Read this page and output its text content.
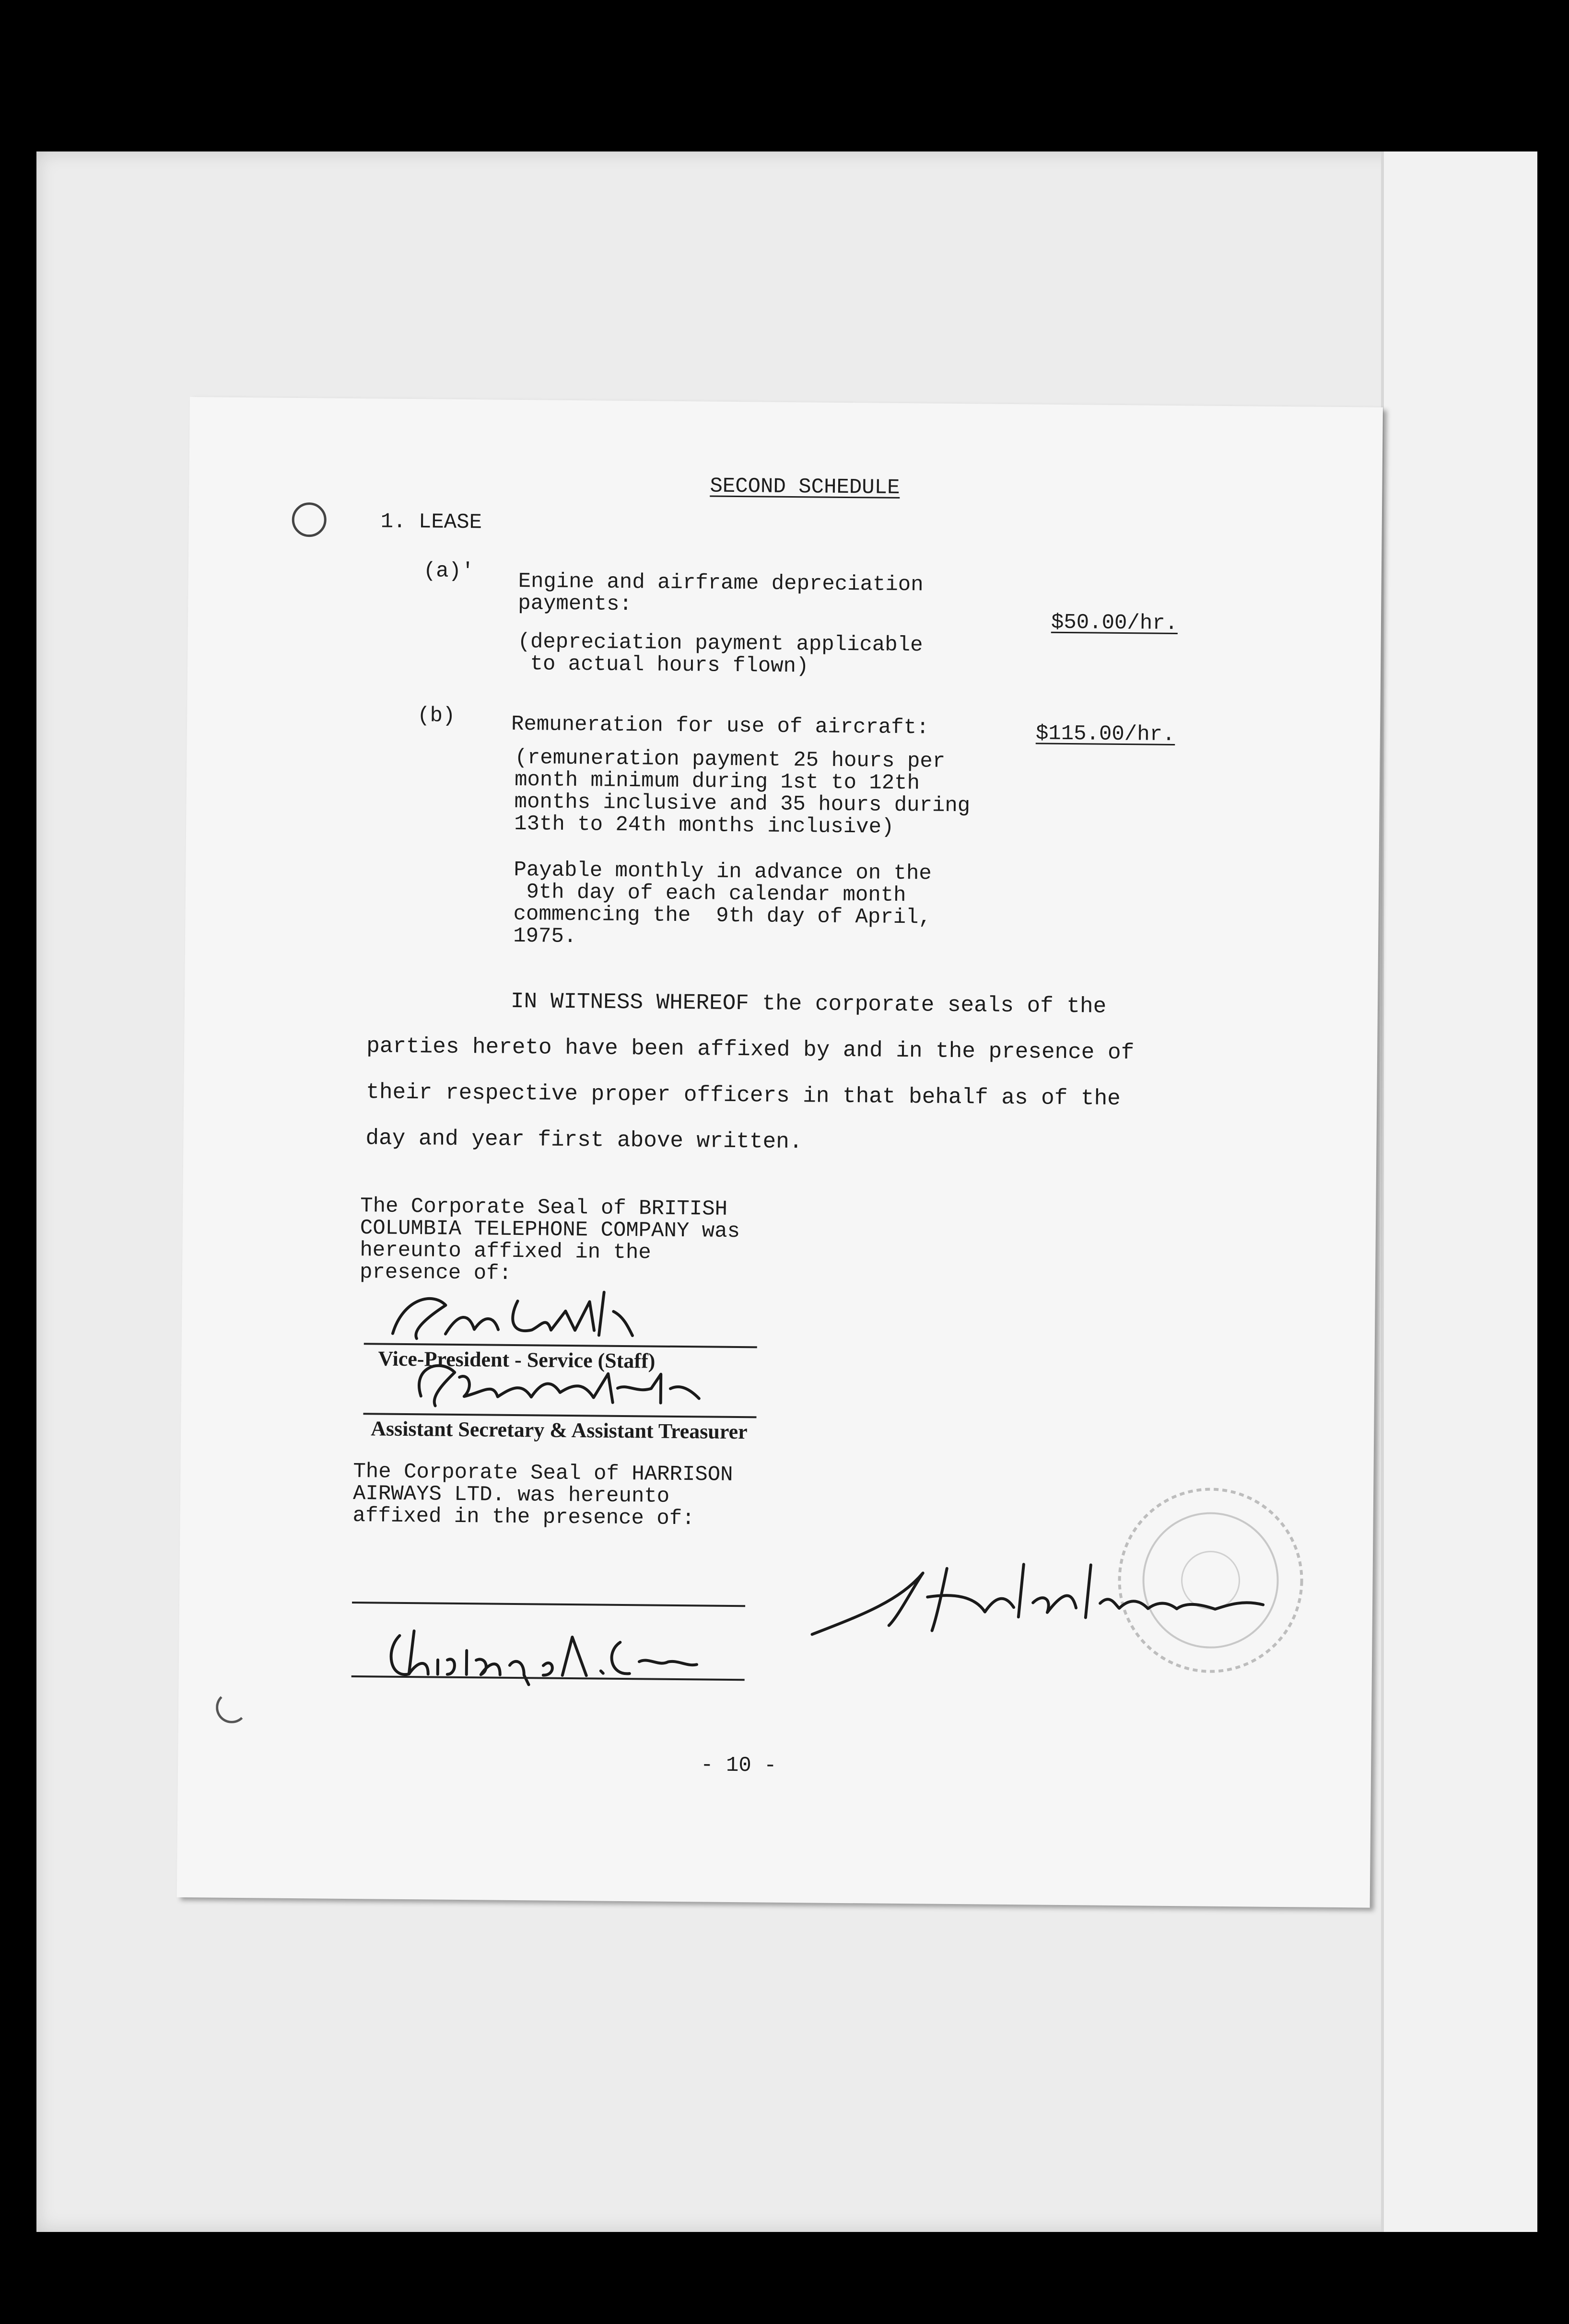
SECOND SCHEDULE
1. LEASE
(a)' Engine and airframe depreciation
payments:
$50.00/hr.
(depreciation payment applicable
to actual hours flown)
(b)	Remuneration for use of aircraft:	$115.00/hr.
(remuneration payment 25 hours per
month minimum during 1st to 12th
months inclusive and 35 hours during
13th to 24th months inclusive)
Payable monthly in advance on the
9th day of each calendar month
commencing the  9th day of April,
1975.
IN WITNESS WHEREOF the corporate seals of the
parties hereto have been affixed by and in the presence of
their respective proper officers in that behalf as of the
day and year first above written.
The Corporate Seal of BRITISH
COLUMBIA TELEPHONE COMPANY was
hereunto affixed in the
presence of:
Vice-President - Service (Staff)
Assistant Secretary & Assistant Treasurer
The Corporate Seal of HARRISON
AIRWAYS LTD. was hereunto
affixed in the presence of:
- 10 -
